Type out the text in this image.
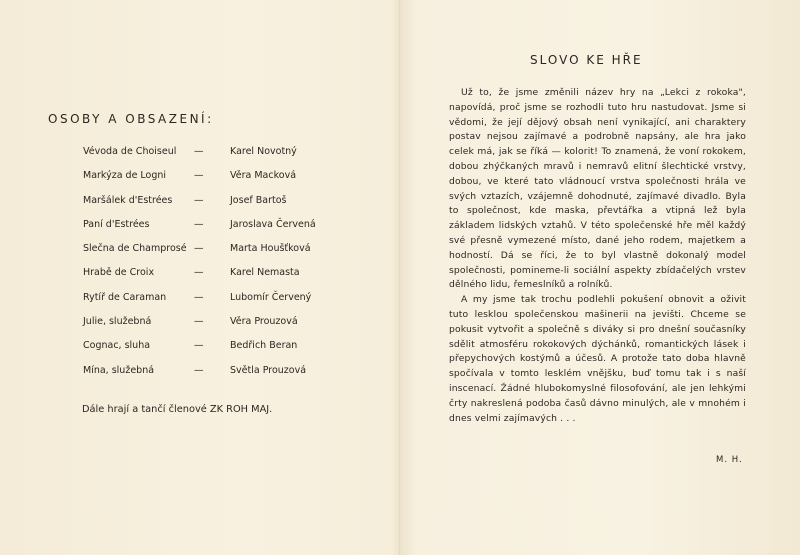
OSOBY A OBSAZENÍ:
Vévoda de Choiseul —	Karel Novotný
Markýza de Logni	—	Věra Macková
Maršálek d'Estrées —	Josef Bartoš
Paní d'Estrées	—	Jaroslava Červená
Slečna de Champrosé —	Marta Houšťková
Hrabě de Croix	—	Karel Nemasta
Rytíř de Caraman	—	Lubomír Červený
Julie, služebná	—	Věra Prouzová
Cognac, sluha	—	Bedřich Beran
Mína, služebná	—	Světla Prouzová
Dále hrají a tančí členové ZK ROH MAJ.
SLOVO KE HŘE

Už to, že jsme změnili název hry na „Lekci z rokoka", napovídá, proč jsme se rozhodli tuto hru nastudovat. Jsme si vědomi, že její dějový obsah není vynikající, ani charaktery postav nejsou zajímavé a podrobně napsány, ale hra jako celek má, jak se říká — kolorit! To znamená, že voní rokokem, dobou zhýčkaných mravů i nemravů elitní šlechtické vrstvy, dobou, ve které tato vládnoucí vrstva společnosti hrála ve svých vztazích, vzájemně dohodnuté, zajímavé divadlo. Byla to společnost, kde maska, převtářka a vtipná lež byla základem lidských vztahů. V této společenské hře měl každý své přesně vymezené místo, dané jeho rodem, majetkem a hodností. Dá se říci, že to byl vlastně dokonalý model společnosti, pomineme-li sociální aspekty zbídačelých vrstev dělného lidu, řemeslníků a rolníků.

A my jsme tak trochu podlehli pokušení obnovit a oživit tuto lesklou společenskou mašinerii na jevišti. Chceme se pokusit vytvořit a společně s diváky si pro dnešní současníky sdělit atmosféru rokokových dýchánků, romantických lásek i přepychových kostýmů a účesů. A protože tato doba hlavně spočívala v tomto lesklém vnějšku, buď tomu tak i s naší inscenací. Žádné hlubokomyslné filosofování, ale jen lehkými črty nakreslená podoba časů dávno minulých, ale v mnohém i dnes velmi zajímavých . . .

M. H.
